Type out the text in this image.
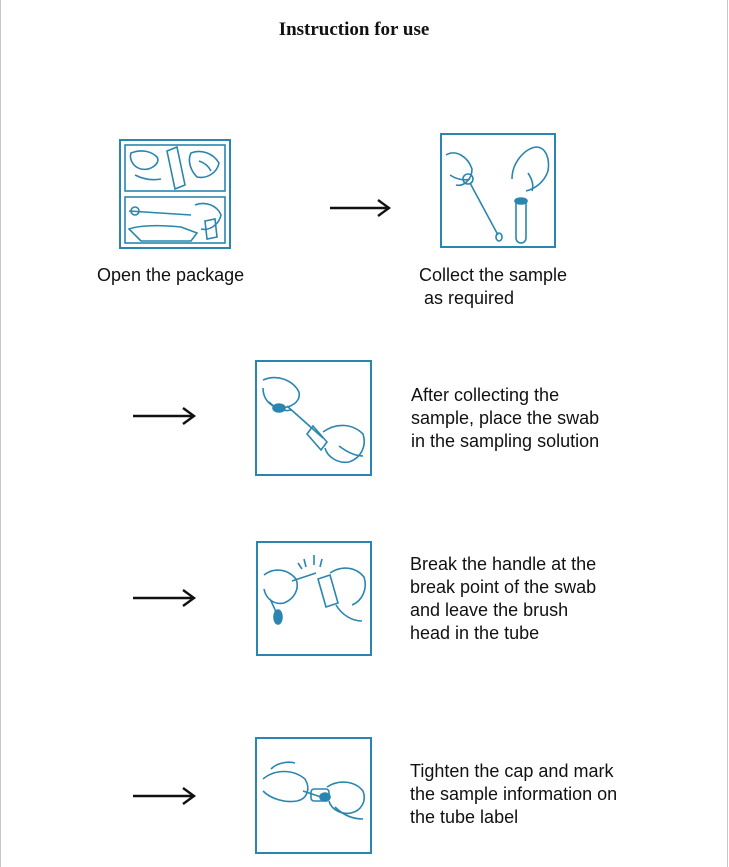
Instruction for use
Open the package	Collect the sample
as required
After collecting the
sample, place the swab
in the sampling solution
Break the handle at the
break point of the swab
and leave the brush
head in the tube
Tighten the cap and mark
the sample information on
the tube label
